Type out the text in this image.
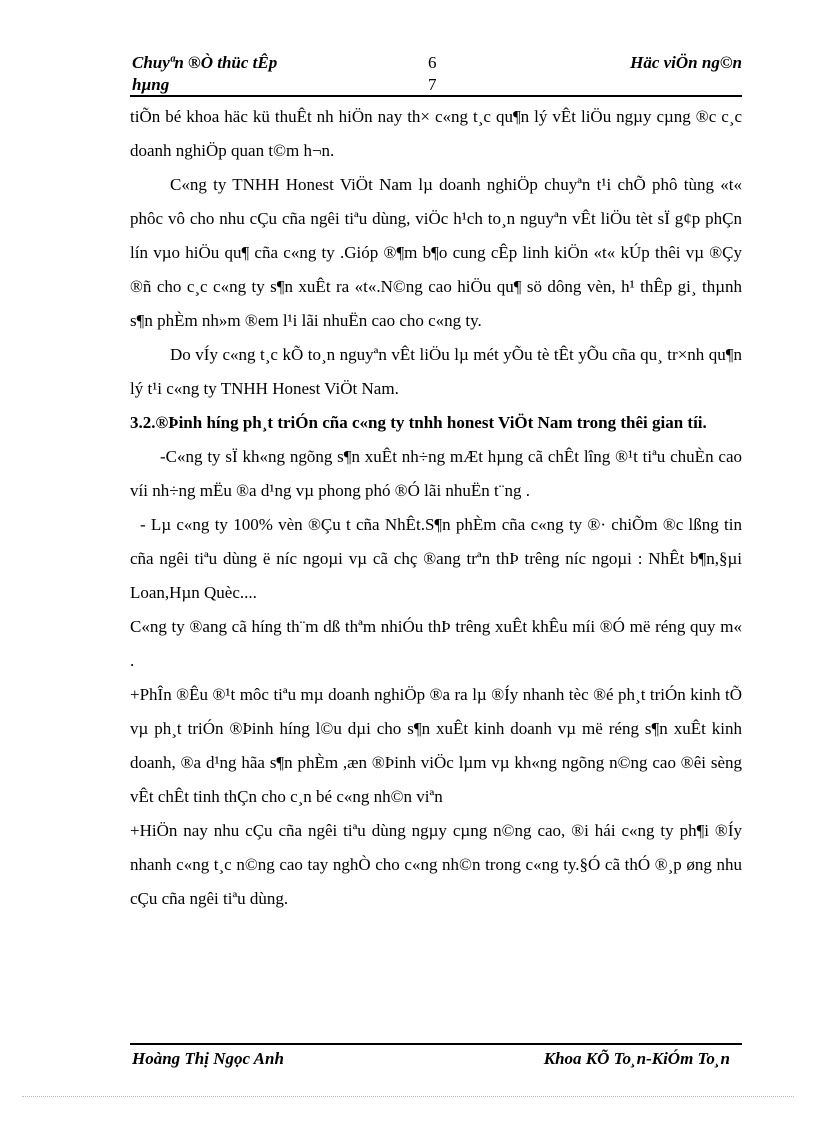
Chuyªn ®Ò thüc tÊp
hµng
6
7
Häc viÖn ng©n

tiÕn bé khoa häc kü thuÊt nh hiÖn nay th× c«ng t¸c qu¶n lý vÊt liÖu ngµy cµng ®c c¸c doanh nghiÖp quan t©m h¬n.

C«ng ty TNHH Honest ViÖt Nam lµ doanh nghiÖp chuyªn t¹i chÕ phô tùng «t« phôc vô cho nhu cÇu cña ngêi tiªu dùng, viÖc h¹ch to¸n nguyªn vÊt liÖu tèt sÏ g¢p phÇn lín vµo hiÖu qu¶ cña c«ng ty .Gióp ®¶m b¶o cung cÊp linh kiÖn «t« kÚp thêi vµ ®Çy ®ñ cho c¸c c«ng ty s¶n xuÊt ra «t«.N©ng cao hiÖu qu¶ sö dông vèn, h¹ thÊp gi¸ thµnh s¶n phÈm nh»m ®em l¹i lãi nhuËn cao cho c«ng ty.

Do vÍy c«ng t¸c kÕ to¸n nguyªn vÊt liÖu lµ mét yÕu tè tÊt yÕu cña qu¸ tr×nh qu¶n lý t¹i c«ng ty TNHH Honest ViÖt Nam.

3.2.®Þinh híng ph¸t triÓn cña c«ng ty tnhh honest ViÖt Nam trong thêi gian tíi.

-C«ng ty sÏ kh«ng ngõng s¶n xuÊt nh÷ng mÆt hµng cã chÊt lîng ®¹t tiªu chuÈn cao víi nh÷ng mËu ®a d¹ng vµ phong phó ®Ó lãi nhuËn t¨ng .

- Lµ c«ng ty 100% vèn ®Çu t cña NhÊt.S¶n phÈm cña c«ng ty ®· chiÕm ®c lßng tin cña ngêi tiªu dùng ë níc ngoµi vµ cã chç ®ang trªn thÞ trêng níc ngoµi : NhÊt b¶n,§µi Loan,Hµn Quèc....

C«ng ty ®ang cã híng th¨m dß thªm nhiÓu thÞ trêng xuÊt khÊu míi ®Ó më réng quy m« .

+PhÎn ®Êu ®¹t môc tiªu mµ doanh nghiÖp ®a ra lµ ®Íy nhanh tèc ®é ph¸t triÓn kinh tÕ vµ ph¸t triÓn ®Þinh híng l©u dµi cho s¶n xuÊt kinh doanh vµ më réng s¶n xuÊt kinh doanh, ®a d¹ng hãa s¶n phÈm ,æn ®Þinh viÖc lµm vµ kh«ng ngõng n©ng cao ®êi sèng vÊt chÊt tinh thÇn cho c¸n bé c«ng nh©n viªn

+HiÖn nay nhu cÇu cña ngêi tiªu dùng ngµy cµng n©ng cao, ®i hái c«ng ty ph¶i ®Íy nhanh c«ng t¸c n©ng cao tay nghÒ cho c«ng nh©n trong c«ng ty.§Ó cã thÓ ®¸p øng nhu cÇu cña ngêi tiªu dùng.

Hoàng Thị Ngọc Anh	Khoa KÕ To¸n-KiÓm To¸n
